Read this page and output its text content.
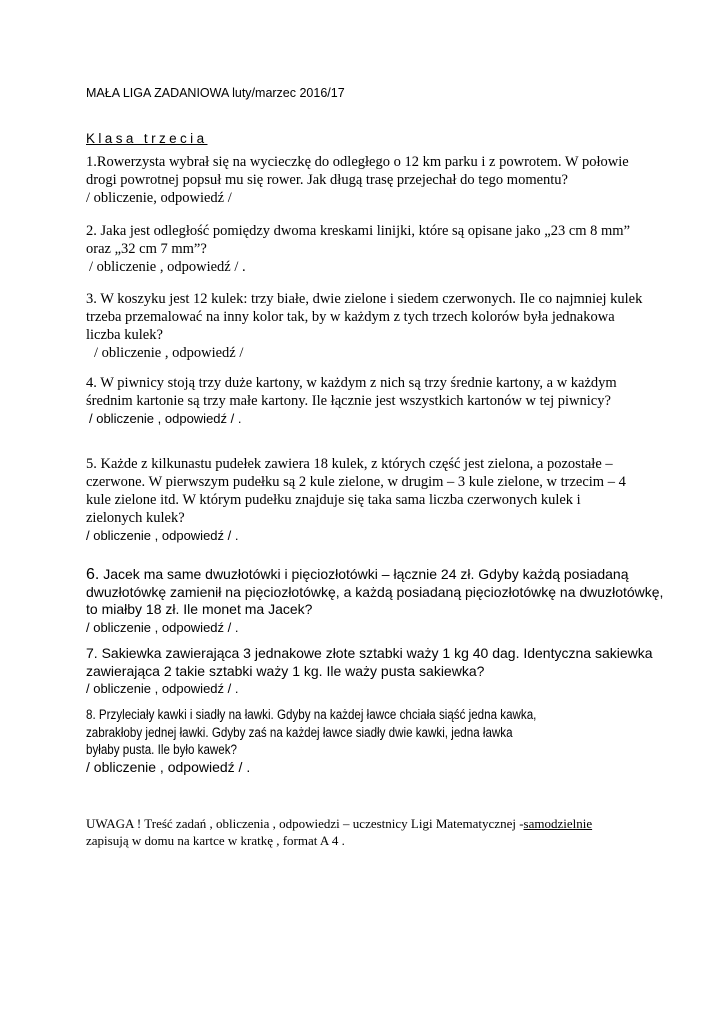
MAŁA LIGA ZADANIOWA luty/marzec 2016/17
Klasa trzecia
1.Rowerzysta wybrał się na wycieczkę do odległego o 12 km parku i z powrotem. W połowie
drogi powrotnej popsuł mu się rower. Jak długą trasę przejechał do tego momentu?
/ obliczenie, odpowiedź /
2. Jaka jest odległość pomiędzy dwoma kreskami linijki, które są opisane jako „23 cm 8 mm”
oraz „32 cm 7 mm”?
/ obliczenie , odpowiedź / .
3. W koszyku jest 12 kulek: trzy białe, dwie zielone i siedem czerwonych. Ile co najmniej kulek
trzeba przemalować na inny kolor tak, by w każdym z tych trzech kolorów była jednakowa
liczba kulek?
/ obliczenie , odpowiedź /
4. W piwnicy stoją trzy duże kartony, w każdym z nich są trzy średnie kartony, a w każdym
średnim kartonie są trzy małe kartony. Ile łącznie jest wszystkich kartonów w tej piwnicy?
/ obliczenie , odpowiedź / .
5. Każde z kilkunastu pudełek zawiera 18 kulek, z których część jest zielona, a pozostałe –
czerwone. W pierwszym pudełku są 2 kule zielone, w drugim – 3 kule zielone, w trzecim – 4
kule zielone itd. W którym pudełku znajduje się taka sama liczba czerwonych kulek i
zielonych kulek?
/ obliczenie , odpowiedź / .
6. Jacek ma same dwuzłotówki i pięciozłotówki – łącznie 24 zł. Gdyby każdą posiadaną
dwuzłotówkę zamienił na pięciozłotówkę, a każdą posiadaną pięciozłotówkę na dwuzłotówkę,
to miałby 18 zł. Ile monet ma Jacek?
/ obliczenie , odpowiedź / .
7. Sakiewka zawierająca 3 jednakowe złote sztabki waży 1 kg 40 dag. Identyczna sakiewka
zawierająca 2 takie sztabki waży 1 kg. Ile waży pusta sakiewka?
/ obliczenie , odpowiedź / .
8. Przyleciały kawki i siadły na ławki. Gdyby na każdej ławce chciała siąść jedna kawka,
zabrakłoby jednej ławki. Gdyby zaś na każdej ławce siadły dwie kawki, jedna ławka
byłaby pusta. Ile było kawek?
/ obliczenie , odpowiedź / .
UWAGA ! Treść zadań , obliczenia , odpowiedzi – uczestnicy Ligi Matematycznej -samodzielnie
zapisują w domu na kartce w kratkę , format A 4 .
